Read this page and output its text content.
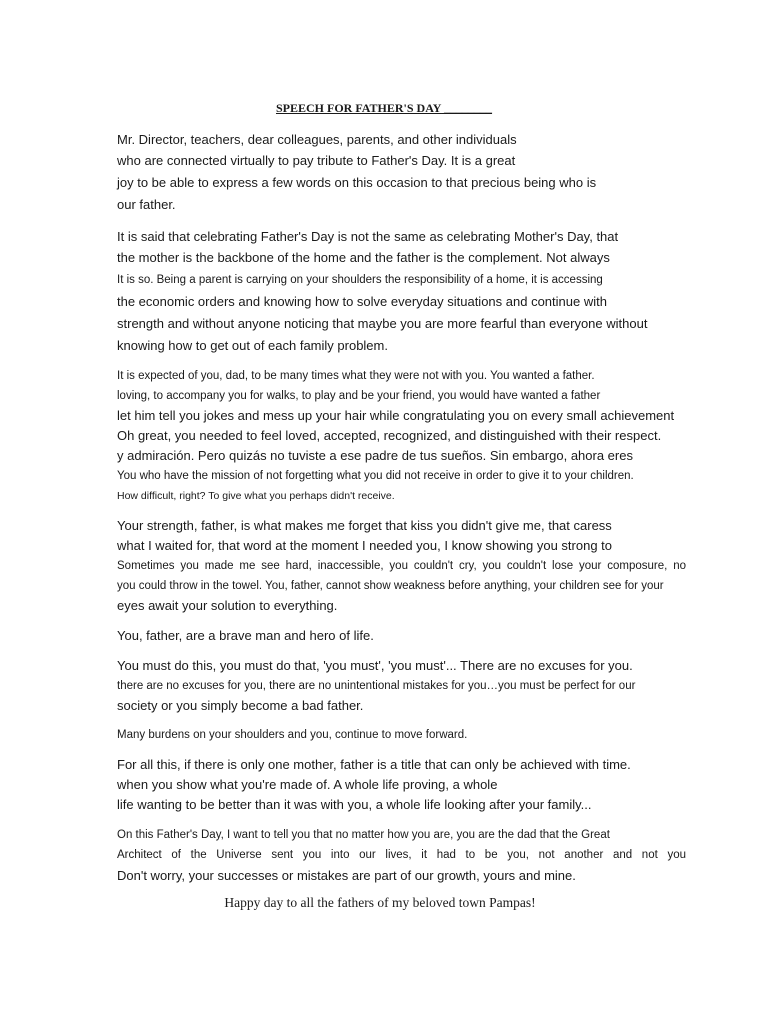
SPEECH FOR FATHER'S DAY ________
Mr. Director, teachers, dear colleagues, parents, and other individuals
who are connected virtually to pay tribute to Father's Day. It is a great
joy to be able to express a few words on this occasion to that precious being who is
our father.
It is said that celebrating Father's Day is not the same as celebrating Mother's Day, that
the mother is the backbone of the home and the father is the complement. Not always
It is so. Being a parent is carrying on your shoulders the responsibility of a home, it is accessing
the economic orders and knowing how to solve everyday situations and continue with
strength and without anyone noticing that maybe you are more fearful than everyone without
knowing how to get out of each family problem.
It is expected of you, dad, to be many times what they were not with you. You wanted a father.
loving, to accompany you for walks, to play and be your friend, you would have wanted a father
let him tell you jokes and mess up your hair while congratulating you on every small achievement
Oh great, you needed to feel loved, accepted, recognized, and distinguished with their respect.
y admiración. Pero quizás no tuviste a ese padre de tus sueños. Sin embargo, ahora eres
You who have the mission of not forgetting what you did not receive in order to give it to your children.
How difficult, right? To give what you perhaps didn't receive.
Your strength, father, is what makes me forget that kiss you didn't give me, that caress
what I waited for, that word at the moment I needed you, I know showing you strong to
Sometimes you made me see hard, inaccessible, you couldn't cry, you couldn't lose your composure, no
you could throw in the towel. You, father, cannot show weakness before anything, your children see for your
eyes await your solution to everything.
You, father, are a brave man and hero of life.
You must do this, you must do that, 'you must', 'you must'... There are no excuses for you.
there are no excuses for you, there are no unintentional mistakes for you…you must be perfect for our
society or you simply become a bad father.
Many burdens on your shoulders and you, continue to move forward.
For all this, if there is only one mother, father is a title that can only be achieved with time.
when you show what you're made of. A whole life proving, a whole
life wanting to be better than it was with you, a whole life looking after your family...
On this Father's Day, I want to tell you that no matter how you are, you are the dad that the Great
Architect of the Universe sent you into our lives, it had to be you, not another and not you
Don't worry, your successes or mistakes are part of our growth, yours and mine.
Happy day to all the fathers of my beloved town Pampas!
